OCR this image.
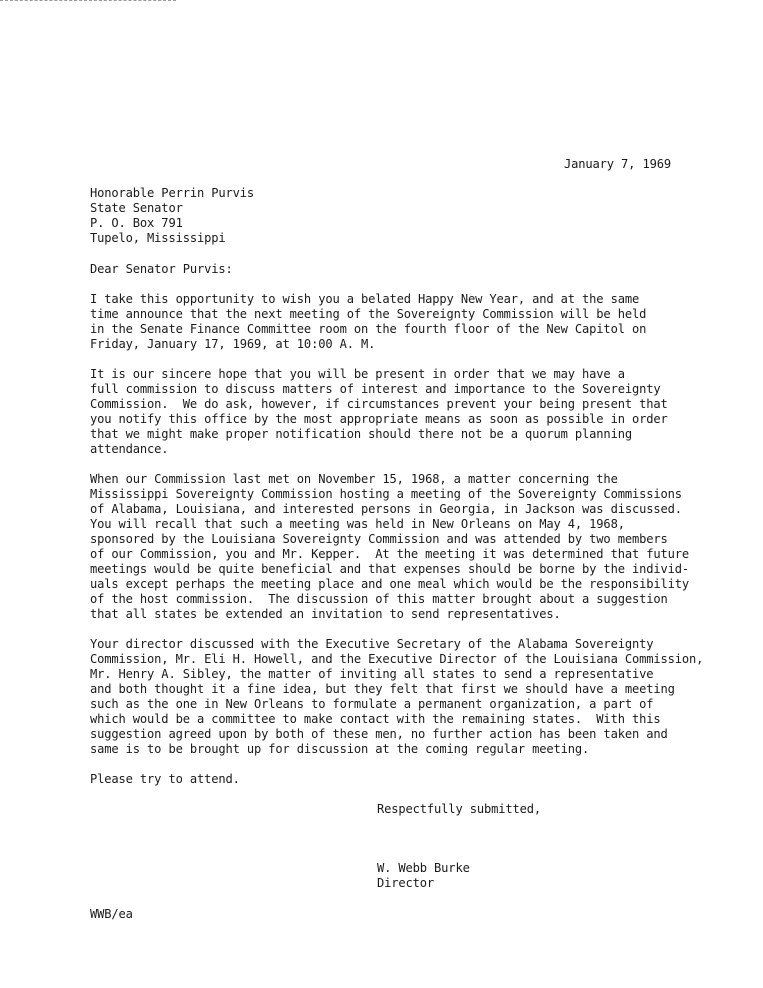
January 7, 1969
Honorable Perrin Purvis
State Senator
P. O. Box 791
Tupelo, Mississippi
Dear Senator Purvis:
I take this opportunity to wish you a belated Happy New Year, and at the same
time announce that the next meeting of the Sovereignty Commission will be held
in the Senate Finance Committee room on the fourth floor of the New Capitol on
Friday, January 17, 1969, at 10:00 A. M.
It is our sincere hope that you will be present in order that we may have a
full commission to discuss matters of interest and importance to the Sovereignty
Commission.  We do ask, however, if circumstances prevent your being present that
you notify this office by the most appropriate means as soon as possible in order
that we might make proper notification should there not be a quorum planning
attendance.
When our Commission last met on November 15, 1968, a matter concerning the
Mississippi Sovereignty Commission hosting a meeting of the Sovereignty Commissions
of Alabama, Louisiana, and interested persons in Georgia, in Jackson was discussed.
You will recall that such a meeting was held in New Orleans on May 4, 1968,
sponsored by the Louisiana Sovereignty Commission and was attended by two members
of our Commission, you and Mr. Kepper.  At the meeting it was determined that future
meetings would be quite beneficial and that expenses should be borne by the individ-
uals except perhaps the meeting place and one meal which would be the responsibility
of the host commission.  The discussion of this matter brought about a suggestion
that all states be extended an invitation to send representatives.
Your director discussed with the Executive Secretary of the Alabama Sovereignty
Commission, Mr. Eli H. Howell, and the Executive Director of the Louisiana Commission,
Mr. Henry A. Sibley, the matter of inviting all states to send a representative
and both thought it a fine idea, but they felt that first we should have a meeting
such as the one in New Orleans to formulate a permanent organization, a part of
which would be a committee to make contact with the remaining states.  With this
suggestion agreed upon by both of these men, no further action has been taken and
same is to be brought up for discussion at the coming regular meeting.
Please try to attend.
Respectfully submitted,
W. Webb Burke
Director
WWB/ea
